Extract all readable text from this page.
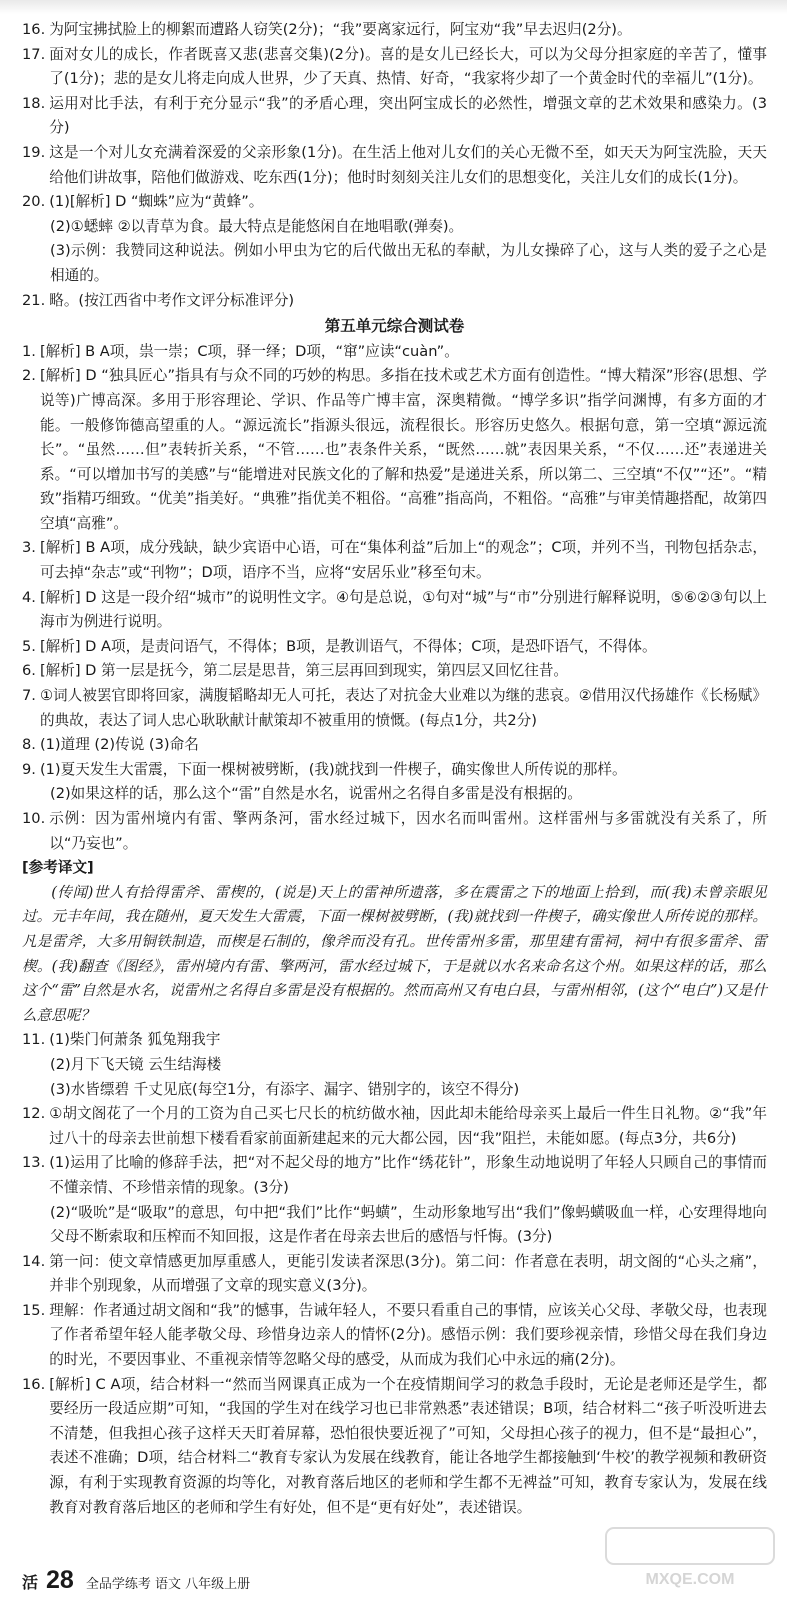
16. 为阿宝拂拭脸上的柳絮而遭路人窃笑(2分)；“我”要离家远行，阿宝劝“我”早去迟归(2分)。
17. 面对女儿的成长，作者既喜又悲(悲喜交集)(2分)。喜的是女儿已经长大，可以为父母分担家庭的辛苦了，懂事了(1分)；悲的是女儿将走向成人世界，少了天真、热情、好奇，“我家将少却了一个黄金时代的幸福儿”(1分)。
18. 运用对比手法，有利于充分显示“我”的矛盾心理，突出阿宝成长的必然性，增强文章的艺术效果和感染力。(3分)
19. 这是一个对儿女充满着深爱的父亲形象(1分)。在生活上他对儿女们的关心无微不至，如天天为阿宝洗脸，天天给他们讲故事，陪他们做游戏、吃东西(1分)；他时时刻刻关注儿女们的思想变化，关注儿女们的成长(1分)。
20. (1)[解析] D “蜘蛛”应为“黄蜂”。

(2)①蟋蟀 ②以青草为食。最大特点是能悠闲自在地唱歌(弹奏)。

(3)示例：我赞同这种说法。例如小甲虫为它的后代做出无私的奉献，为儿女操碎了心，这与人类的爱子之心是相通的。

21. 略。(按江西省中考作文评分标准评分)
第五单元综合测试卷
1. [解析] B A项，祟一崇；C项，驿一绎；D项，“窜”应读“cuàn”。
2. [解析] D “独具匠心”指具有与众不同的巧妙的构思。多指在技术或艺术方面有创造性。“博大精深”形容(思想、学说等)广博高深。多用于形容理论、学识、作品等广博丰富，深奥精微。“博学多识”指学问渊博，有多方面的才能。一般修饰德高望重的人。“源远流长”指源头很远，流程很长。形容历史悠久。根据句意，第一空填“源远流长”。“虽然……但”表转折关系，“不管……也”表条件关系，“既然……就”表因果关系，“不仅……还”表递进关系。“可以增加书写的美感”与“能增进对民族文化的了解和热爱”是递进关系，所以第二、三空填“不仅”“还”。“精致”指精巧细致。“优美”指美好。“典雅”指优美不粗俗。“高雅”指高尚，不粗俗。“高雅”与审美情趣搭配，故第四空填“高雅”。
3. [解析] B A项，成分残缺，缺少宾语中心语，可在“集体利益”后加上“的观念”；C项，并列不当，刊物包括杂志，可去掉“杂志”或“刊物”；D项，语序不当，应将“安居乐业”移至句末。
4. [解析] D 这是一段介绍“城市”的说明性文字。④句是总说，①句对“城”与“市”分别进行解释说明，⑤⑥②③句以上海市为例进行说明。
5. [解析] D A项，是责问语气，不得体；B项，是教训语气，不得体；C项，是恐吓语气，不得体。
6. [解析] D 第一层是抚今，第二层是思昔，第三层再回到现实，第四层又回忆往昔。
7. ①词人被罢官即将回家，满腹韬略却无人可托，表达了对抗金大业难以为继的悲哀。②借用汉代扬雄作《长杨赋》的典故，表达了词人忠心耿耿献计献策却不被重用的愤慨。(每点1分，共2分)
8. (1)道理 (2)传说 (3)命名
9. (1)夏天发生大雷震，下面一棵树被劈断，(我)就找到一件楔子，确实像世人所传说的那样。

(2)如果这样的话，那么这个“雷”自然是水名，说雷州之名得自多雷是没有根据的。

10. 示例：因为雷州境内有雷、擎两条河，雷水经过城下，因水名而叫雷州。这样雷州与多雷就没有关系了，所以“乃妄也”。
[参考译文]

(传闻)世人有拾得雷斧、雷楔的，(说是)天上的雷神所遗落，多在震雷之下的地面上拾到，而(我)未曾亲眼见过。元丰年间，我在随州，夏天发生大雷震，下面一棵树被劈断，(我)就找到一件楔子，确实像世人所传说的那样。凡是雷斧，大多用铜铁制造，而楔是石制的，像斧而没有孔。世传雷州多雷，那里建有雷祠，祠中有很多雷斧、雷楔。(我)翻查《图经》，雷州境内有雷、擎两河，雷水经过城下，于是就以水名来命名这个州。如果这样的话，那么这个“雷”自然是水名，说雷州之名得自多雷是没有根据的。然而高州又有电白县，与雷州相邻，(这个“电白”)又是什么意思呢？

11. (1)柴门何萧条 狐兔翔我宇

(2)月下飞天镜 云生结海楼

(3)水皆缥碧 千丈见底(每空1分，有添字、漏字、错别字的，该空不得分)

12. ①胡文阁花了一个月的工资为自己买七尺长的杭纺做水袖，因此却未能给母亲买上最后一件生日礼物。②“我”年过八十的母亲去世前想下楼看看家前面新建起来的元大都公园，因“我”阻拦，未能如愿。(每点3分，共6分)
13. (1)运用了比喻的修辞手法，把“对不起父母的地方”比作“绣花针”，形象生动地说明了年轻人只顾自己的事情而不懂亲情、不珍惜亲情的现象。(3分)

(2)“吸吮”是“吸取”的意思，句中把“我们”比作“蚂蟥”，生动形象地写出“我们”像蚂蟥吸血一样，心安理得地向父母不断索取和压榨而不知回报，这是作者在母亲去世后的感悟与忏悔。(3分)

14. 第一问：使文章情感更加厚重感人，更能引发读者深思(3分)。第二问：作者意在表明，胡文阁的“心头之痛”，并非个别现象，从而增强了文章的现实意义(3分)。
15. 理解：作者通过胡文阁和“我”的憾事，告诫年轻人，不要只看重自己的事情，应该关心父母、孝敬父母，也表现了作者希望年轻人能孝敬父母、珍惜身边亲人的情怀(2分)。感悟示例：我们要珍视亲情，珍惜父母在我们身边的时光，不要因事业、不重视亲情等忽略父母的感受，从而成为我们心中永远的痛(2分)。
16. [解析] C A项，结合材料一“然而当网课真正成为一个在疫情期间学习的救急手段时，无论是老师还是学生，都要经历一段适应期”可知，“我国的学生对在线学习也已非常熟悉”表述错误；B项，结合材料二“孩子听没听进去不清楚，但我担心孩子这样天天盯着屏幕，恐怕很快要近视了”可知，父母担心孩子的视力，但不是“最担心”，表述不准确；D项，结合材料二“教育专家认为发展在线教育，能让各地学生都接触到‘牛校’的教学视频和教研资源，有利于实现教育资源的均等化，对教育落后地区的老师和学生都不无裨益”可知，教育专家认为，发展在线教育对教育落后地区的老师和学生有好处，但不是“更有好处”，表述错误。
活 28 全品学练考 语文 八年级上册	MXQE.COM
